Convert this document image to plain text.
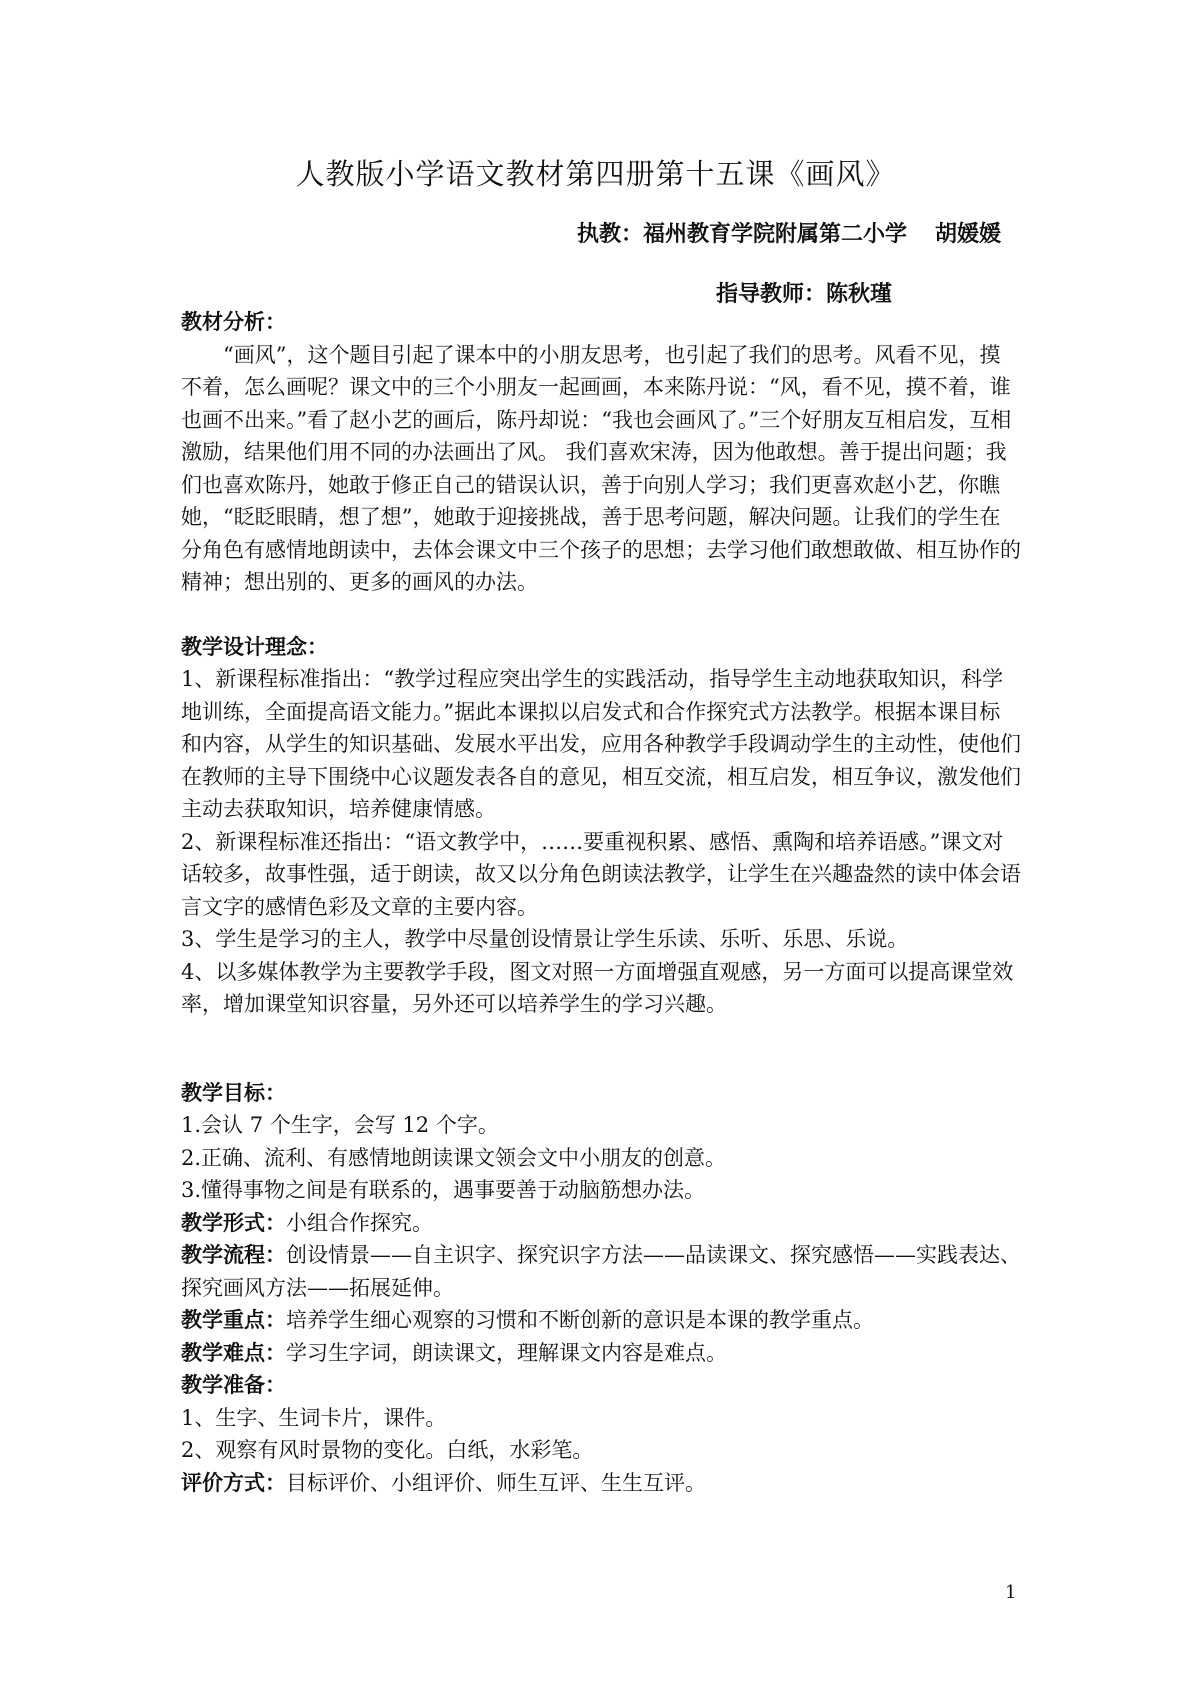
人教版小学语文教材第四册第十五课《画风》
执教：福州教育学院附属第二小学 胡媛媛
指导教师：陈秋瑾

教材分析：

“画风”，这个题目引起了课本中的小朋友思考，也引起了我们的思考。风看不见，摸不着，怎么画呢？课文中的三个小朋友一起画画，本来陈丹说：“风，看不见，摸不着，谁也画不出来。”看了赵小艺的画后，陈丹却说：“我也会画风了。”三个好朋友互相启发，互相激励，结果他们用不同的办法画出了风。 我们喜欢宋涛，因为他敢想。善于提出问题；我们也喜欢陈丹，她敢于修正自己的错误认识，善于向别人学习；我们更喜欢赵小艺，你瞧她，“眨眨眼睛，想了想”，她敢于迎接挑战，善于思考问题，解决问题。让我们的学生在分角色有感情地朗读中，去体会课文中三个孩子的思想；去学习他们敢想敢做、相互协作的精神；想出别的、更多的画风的办法。

教学设计理念：

1、新课程标准指出：“教学过程应突出学生的实践活动，指导学生主动地获取知识，科学地训练，全面提高语文能力。”据此本课拟以启发式和合作探究式方法教学。根据本课目标和内容，从学生的知识基础、发展水平出发，应用各种教学手段调动学生的主动性，使他们在教师的主导下围绕中心议题发表各自的意见，相互交流，相互启发，相互争议，激发他们主动去获取知识，培养健康情感。

2、新课程标准还指出：“语文教学中，……要重视积累、感悟、熏陶和培养语感。”课文对话较多，故事性强，适于朗读，故又以分角色朗读法教学，让学生在兴趣盎然的读中体会语言文字的感情色彩及文章的主要内容。

3、学生是学习的主人，教学中尽量创设情景让学生乐读、乐听、乐思、乐说。

4、以多媒体教学为主要教学手段，图文对照一方面增强直观感，另一方面可以提高课堂效率，增加课堂知识容量，另外还可以培养学生的学习兴趣。

教学目标：

1.会认 7 个生字，会写 12 个字。

2.正确、流利、有感情地朗读课文领会文中小朋友的创意。

3.懂得事物之间是有联系的，遇事要善于动脑筋想办法。

教学形式：小组合作探究。

教学流程：创设情景——自主识字、探究识字方法——品读课文、探究感悟——实践表达、探究画风方法——拓展延伸。

教学重点：培养学生细心观察的习惯和不断创新的意识是本课的教学重点。

教学难点：学习生字词，朗读课文，理解课文内容是难点。

教学准备：

1、生字、生词卡片，课件。

2、观察有风时景物的变化。白纸，水彩笔。

评价方式：目标评价、小组评价、师生互评、生生互评。

1
